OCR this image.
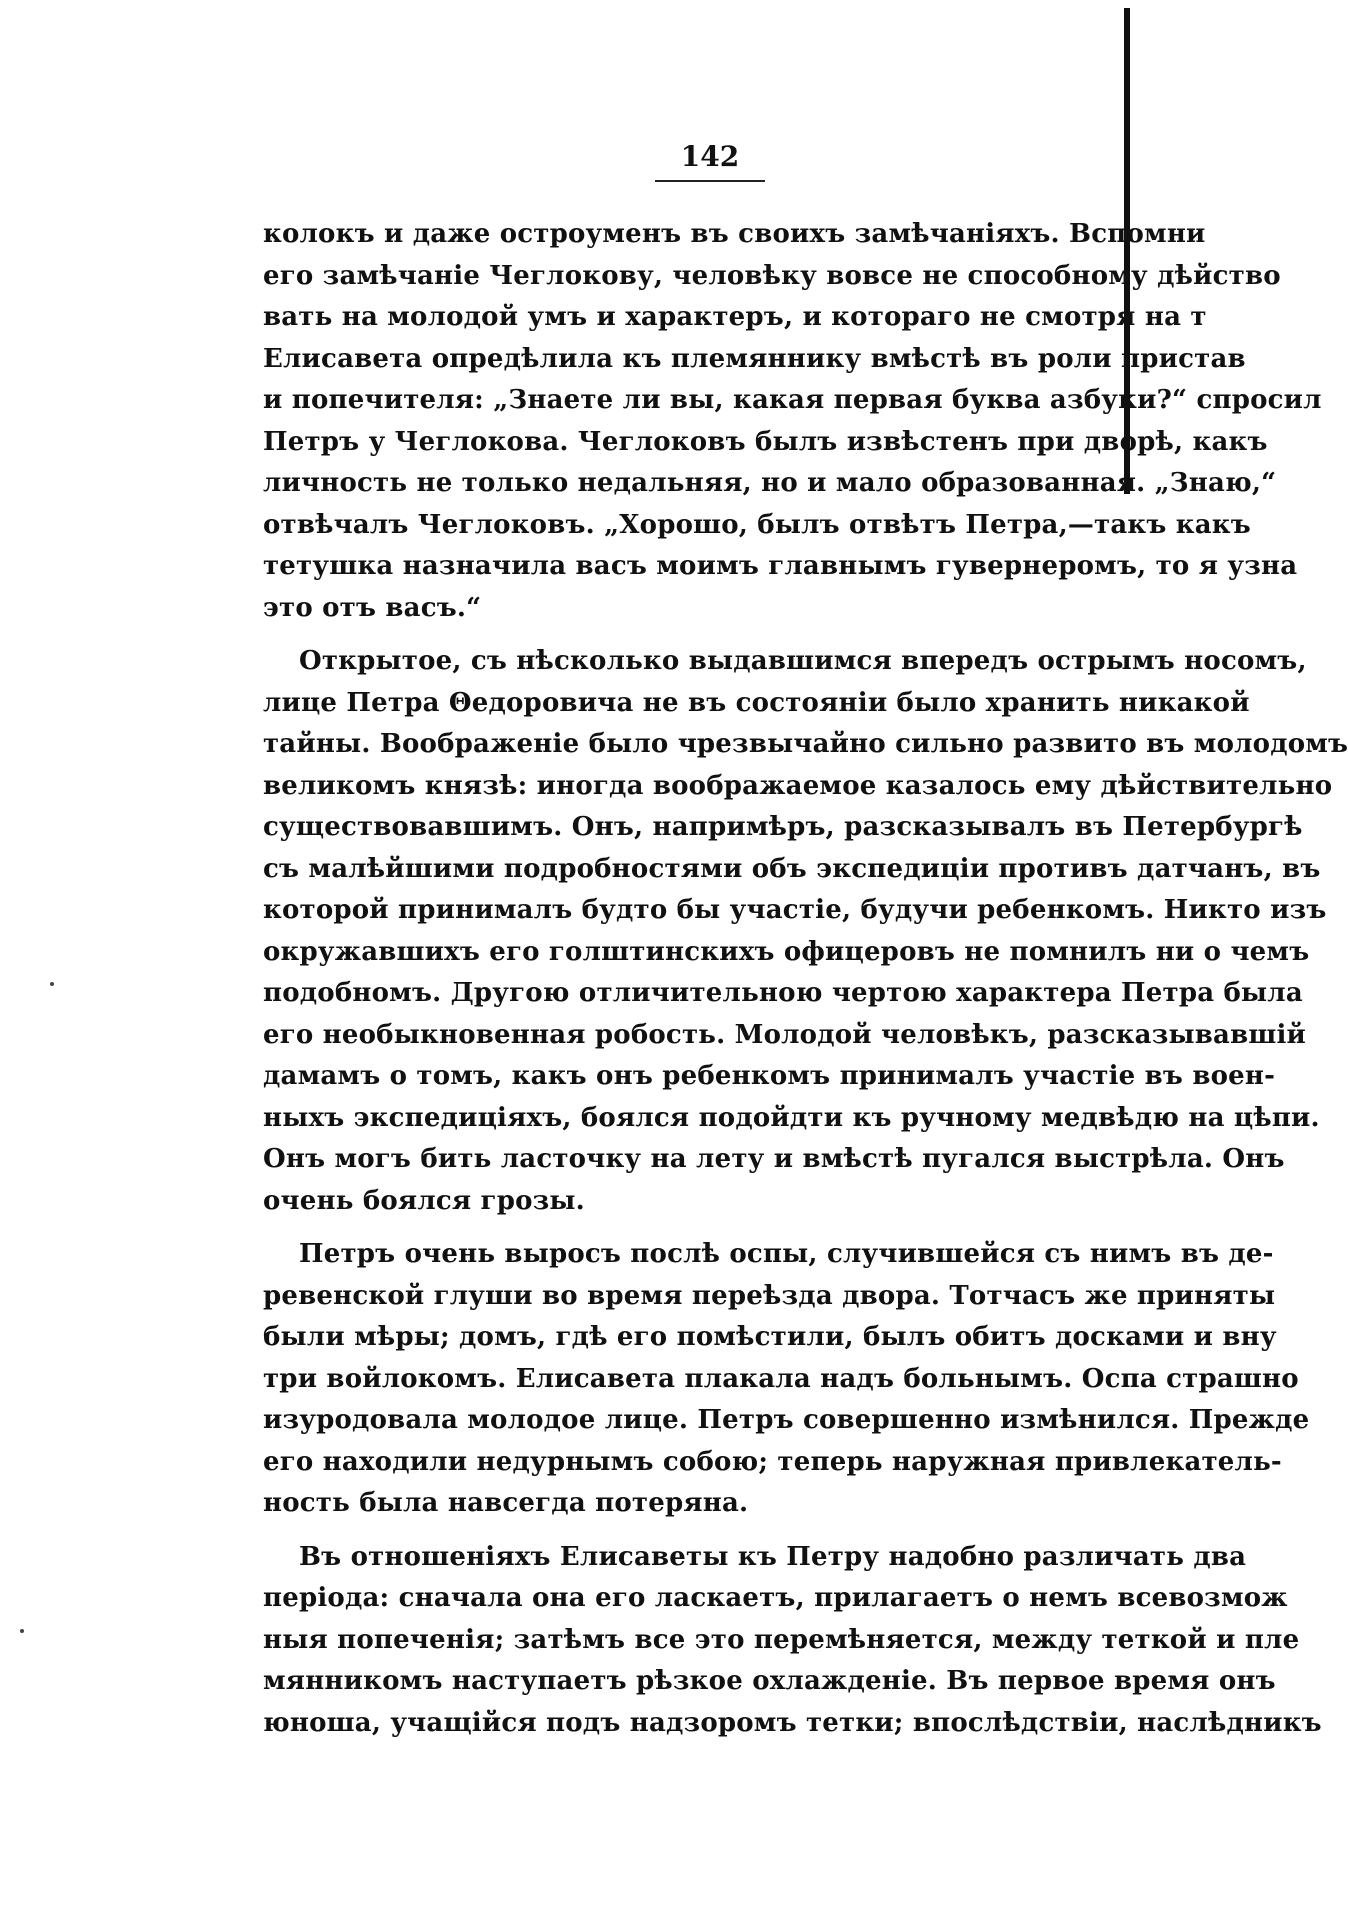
142
колокъ и даже остроуменъ въ своихъ замѣчаніяхъ. Вспомни
его замѣчаніе Чеглокову, человѣку вовсе не способному дѣйство
вать на молодой умъ и характеръ, и котораго не смотря на т
Елисавета опредѣлила къ племяннику вмѣстѣ въ роли пристав
и попечителя: „Знаете ли вы, какая первая буква азбуки?“ спросил
Петръ у Чеглокова. Чеглоковъ былъ извѣстенъ при дворѣ, какъ
личность не только недальняя, но и мало образованная. „Знаю,“
отвѣчалъ Чеглоковъ. „Хорошо, былъ отвѣтъ Петра,—такъ какъ
тетушка назначила васъ моимъ главнымъ гувернеромъ, то я узна
это отъ васъ.“
Открытое, съ нѣсколько выдавшимся впередъ острымъ носомъ,
лице Петра Θедоровича не въ состояніи было хранить никакой
тайны. Воображеніе было чрезвычайно сильно развито въ молодомъ
великомъ князѣ: иногда воображаемое казалось ему дѣйствительно
существовавшимъ. Онъ, напримѣръ, разсказывалъ въ Петербургѣ
съ малѣйшими подробностями объ экспедиціи противъ датчанъ, въ
которой принималъ будто бы участіе, будучи ребенкомъ. Никто изъ
окружавшихъ его голштинскихъ офицеровъ не помнилъ ни о чемъ
подобномъ. Другою отличительною чертою характера Петра была
его необыкновенная робость. Молодой человѣкъ, разсказывавшій
дамамъ о томъ, какъ онъ ребенкомъ принималъ участіе въ воен-
ныхъ экспедиціяхъ, боялся подойдти къ ручному медвѣдю на цѣпи.
Онъ могъ бить ласточку на лету и вмѣстѣ пугался выстрѣла. Онъ
очень боялся грозы.
Петръ очень выросъ послѣ оспы, случившейся съ нимъ въ де-
ревенской глуши во время переѣзда двора. Тотчасъ же приняты
были мѣры; домъ, гдѣ его помѣстили, былъ обитъ досками и вну
три войлокомъ. Елисавета плакала надъ больнымъ. Оспа страшно
изуродовала молодое лице. Петръ совершенно измѣнился. Прежде
его находили недурнымъ собою; теперь наружная привлекатель-
ность была навсегда потеряна.
Въ отношеніяхъ Елисаветы къ Петру надобно различать два
періода: сначала она его ласкаетъ, прилагаетъ о немъ всевозмож
ныя попеченія; затѣмъ все это перемѣняется, между теткой и пле
мянникомъ наступаетъ рѣзкое охлажденіе. Въ первое время онъ
юноша, учащійся подъ надзоромъ тетки; впослѣдствіи, наслѣдникъ
